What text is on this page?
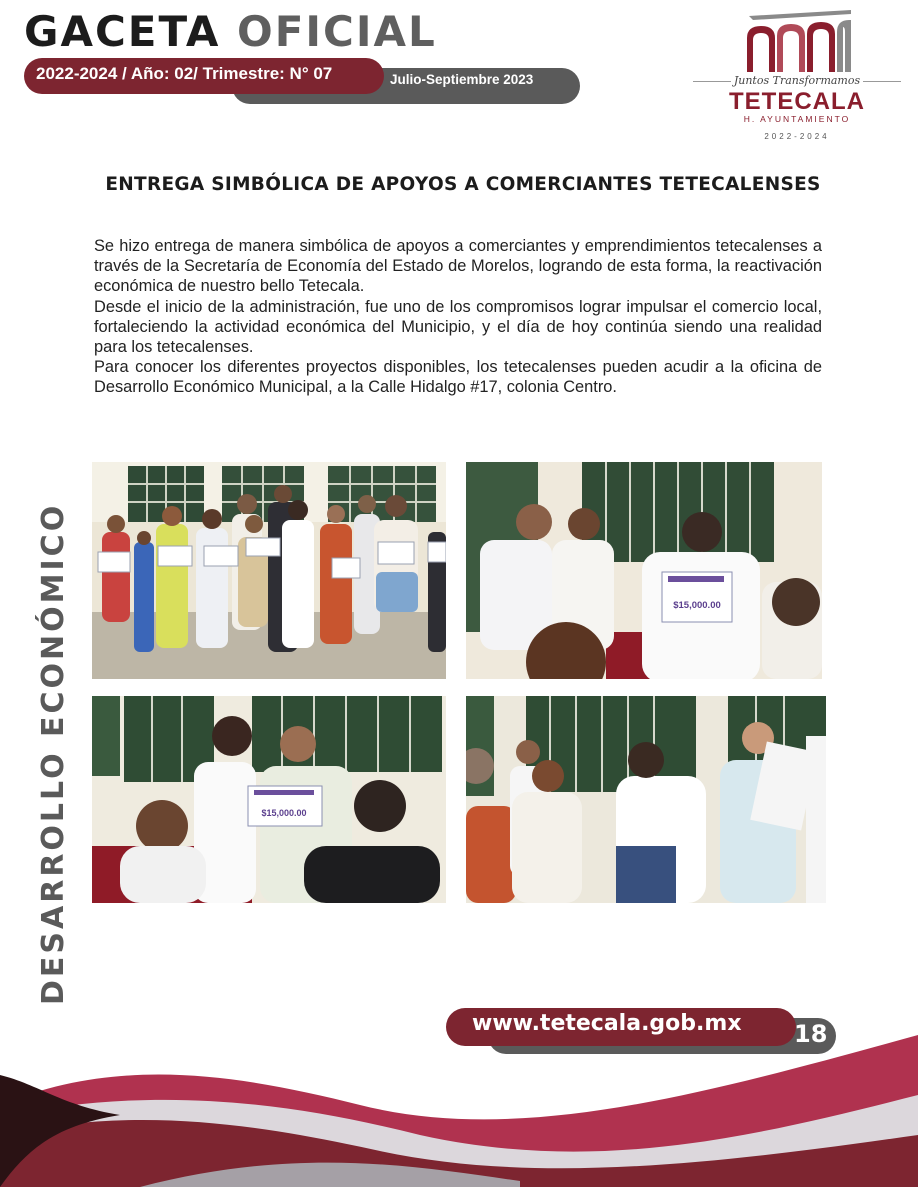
GACETA OFICIAL
Julio-Septiembre 2023
2022-2024 / Año: 02/ Trimestre: N° 07	Juntos Transformamos
TETECALA
H. AYUNTAMIENTO
2022-2024
ENTREGA SIMBÓLICA DE APOYOS A COMERCIANTES TETECALENSES

Se hizo entrega de manera simbólica de apoyos a comerciantes y emprendimientos tetecalenses a través de la Secretaría de Economía del Estado de Morelos, logrando de esta forma, la reactivación económica de nuestro bello Tetecala.

Desde el inicio de la administración, fue uno de los compromisos lograr impulsar el comercio local, fortaleciendo la actividad económica del Municipio, y el día de hoy continúa siendo una realidad para los tetecalenses.

Para conocer los diferentes proyectos disponibles, los tetecalenses pueden acudir a la oficina de Desarrollo Económico Municipal, a la Calle Hidalgo #17, colonia Centro.

DESARROLLO ECONÓMICO	$15,000.00
$15,000.00
www.tetecala.gob.mx 18
